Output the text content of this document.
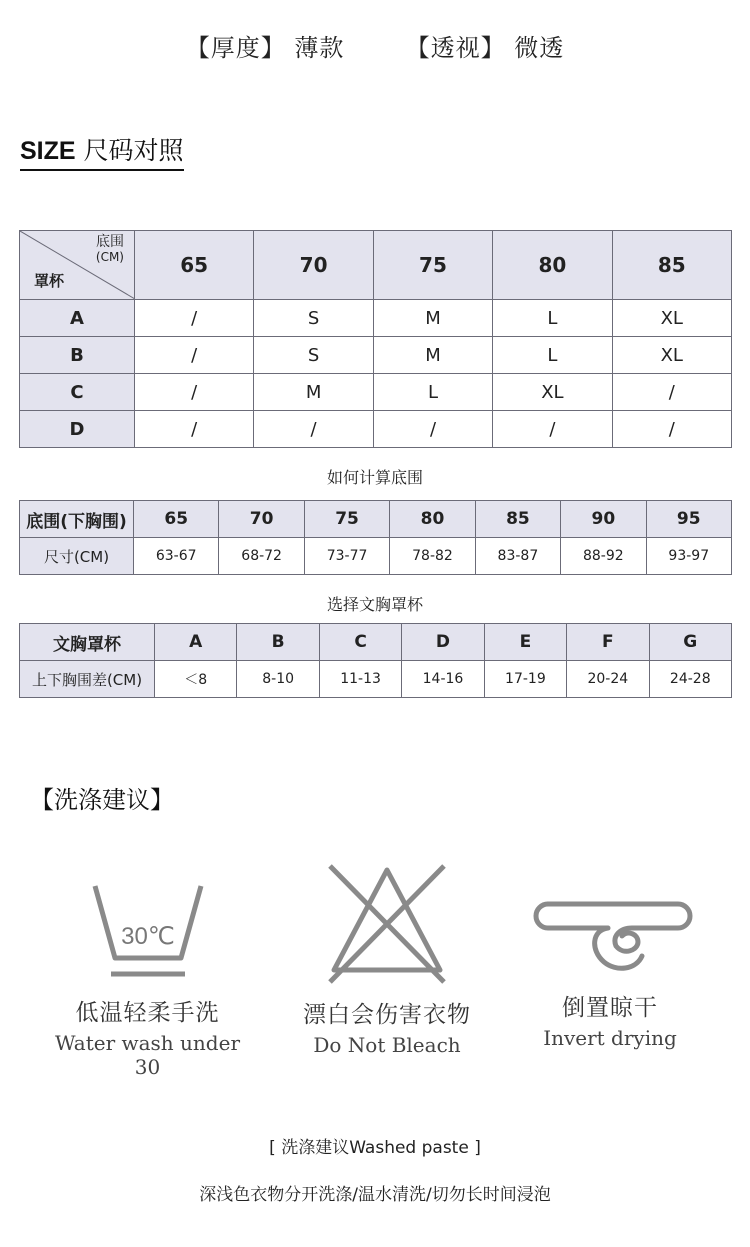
【厚度】 薄款	【透视】 微透
SIZE 尺码对照
底围
(CM)
罩杯	65	70	75	80	85
A	/	S	M	L	XL
B	/	S	M	L	XL
C	/	M	L	XL	/
D	/	/	/	/	/
如何计算底围
底围(下胸围)	65	70	75	80	85	90	95
尺寸(CM)	63-67	68-72	73-77	78-82	83-87	88-92	93-97
选择文胸罩杯
文胸罩杯	A	B	C	D	E	F	G
上下胸围差(CM)	＜8	8-10	11-13	14-16	17-19	20-24	24-28
【洗涤建议】
30℃
低温轻柔手洗
Water wash under 30
漂白会伤害衣物
Do Not Bleach
倒置晾干
Invert drying
[ 洗涤建议Washed paste ]
深浅色衣物分开洗涤/温水清洗/切勿长时间浸泡
